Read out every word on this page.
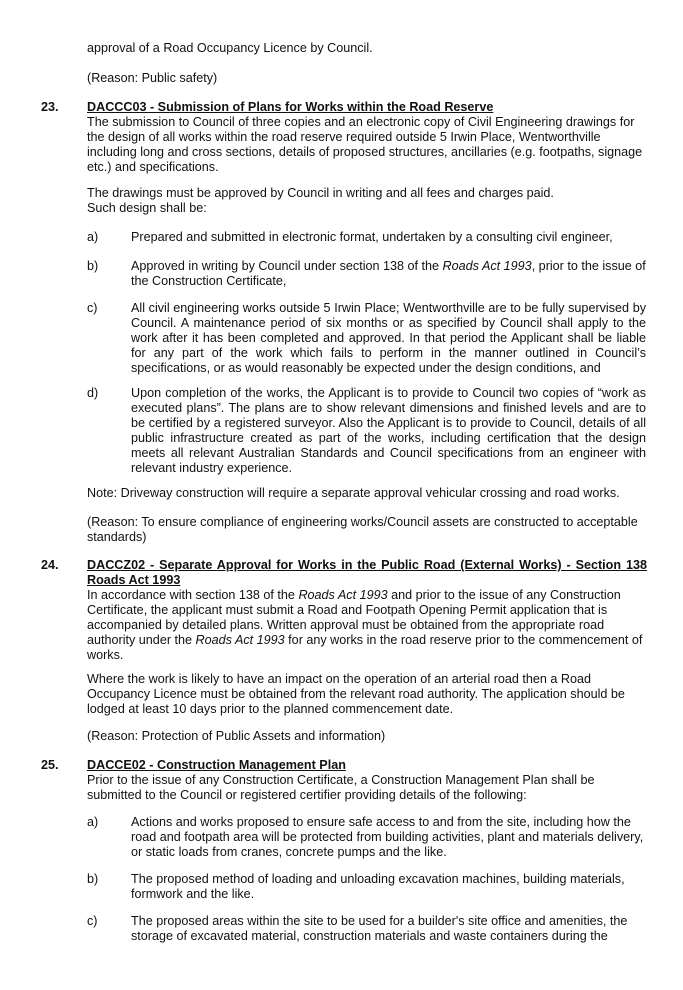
approval of a Road Occupancy Licence by Council.

(Reason: Public safety)

23. DACCC03 - Submission of Plans for Works within the Road Reserve

The submission to Council of three copies and an electronic copy of Civil Engineering drawings for the design of all works within the road reserve required outside 5 Irwin Place, Wentworthville including long and cross sections, details of proposed structures, ancillaries (e.g. footpaths, signage etc.) and specifications.

The drawings must be approved by Council in writing and all fees and charges paid.

Such design shall be:

a)	Prepared and submitted in electronic format, undertaken by a consulting civil engineer,

b)	Approved in writing by Council under section 138 of the Roads Act 1993, prior to the issue of the Construction Certificate,

c)	All civil engineering works outside 5 Irwin Place; Wentworthville are to be fully supervised by Council. A maintenance period of six months or as specified by Council shall apply to the work after it has been completed and approved. In that period the Applicant shall be liable for any part of the work which fails to perform in the manner outlined in Council’s specifications, or as would reasonably be expected under the design conditions, and

d)	Upon completion of the works, the Applicant is to provide to Council two copies of “work as executed plans”. The plans are to show relevant dimensions and finished levels and are to be certified by a registered surveyor. Also the Applicant is to provide to Council, details of all public infrastructure created as part of the works, including certification that the design meets all relevant Australian Standards and Council specifications from an engineer with relevant industry experience.

Note: Driveway construction will require a separate approval vehicular crossing and road works.

(Reason: To ensure compliance of engineering works/Council assets are constructed to acceptable standards)

24. DACCZ02 - Separate Approval for Works in the Public Road (External Works) - Section 138 Roads Act 1993

In accordance with section 138 of the Roads Act 1993 and prior to the issue of any Construction Certificate, the applicant must submit a Road and Footpath Opening Permit application that is accompanied by detailed plans. Written approval must be obtained from the appropriate road authority under the Roads Act 1993 for any works in the road reserve prior to the commencement of works.

Where the work is likely to have an impact on the operation of an arterial road then a Road Occupancy Licence must be obtained from the relevant road authority. The application should be lodged at least 10 days prior to the planned commencement date.

(Reason: Protection of Public Assets and information)

25. DACCE02 - Construction Management Plan

Prior to the issue of any Construction Certificate, a Construction Management Plan shall be submitted to the Council or registered certifier providing details of the following:

a)	Actions and works proposed to ensure safe access to and from the site, including how the road and footpath area will be protected from building activities, plant and materials delivery, or static loads from cranes, concrete pumps and the like.

b)	The proposed method of loading and unloading excavation machines, building materials, formwork and the like.

c)	The proposed areas within the site to be used for a builder's site office and amenities, the storage of excavated material, construction materials and waste containers during the
